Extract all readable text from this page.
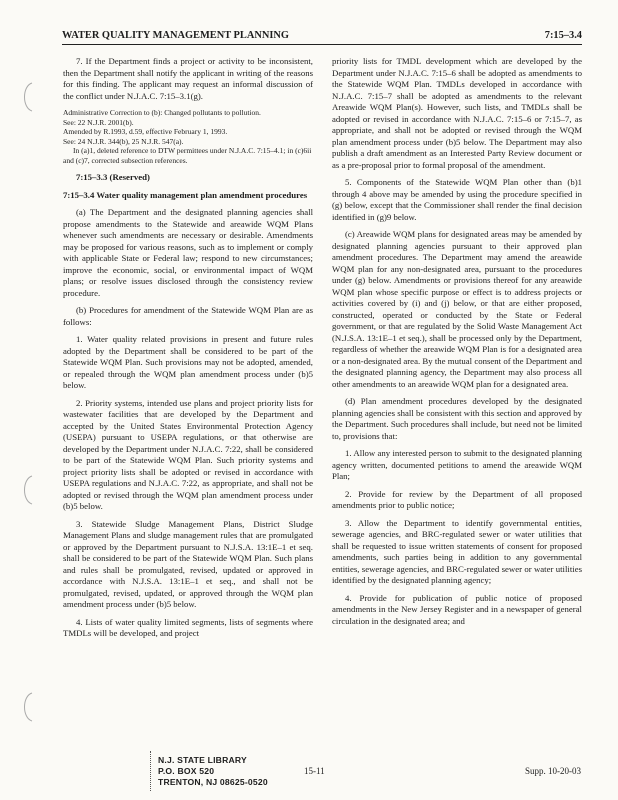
WATER QUALITY MANAGEMENT PLANNING	7:15–3.4

7. If the Department finds a project or activity to be inconsistent, then the Department shall notify the applicant in writing of the reasons for this finding. The applicant may request an informal discussion of the conflict under N.J.A.C. 7:15–3.1(g).

Administrative Correction to (b): Changed pollutants to pollution.
See: 22 N.J.R. 2001(b).
Amended by R.1993, d.59, effective February 1, 1993.
See: 24 N.J.R. 344(b), 25 N.J.R. 547(a).
In (a)1, deleted reference to DTW permittees under N.J.A.C. 7:15–4.1; in (c)6ii and (c)7, corrected subsection references.

7:15–3.3 (Reserved)

7:15–3.4 Water quality management plan amendment procedures

(a) The Department and the designated planning agencies shall propose amendments to the Statewide and areawide WQM Plans whenever such amendments are necessary or desirable. Amendments may be proposed for various reasons, such as to implement or comply with applicable State or Federal law; respond to new circumstances; improve the economic, social, or environmental impact of WQM plans; or resolve issues disclosed through the consistency review procedure.

(b) Procedures for amendment of the Statewide WQM Plan are as follows:

1. Water quality related provisions in present and future rules adopted by the Department shall be considered to be part of the Statewide WQM Plan. Such provisions may not be adopted, amended, or repealed through the WQM plan amendment process under (b)5 below.

2. Priority systems, intended use plans and project priority lists for wastewater facilities that are developed by the Department and accepted by the United States Environmental Protection Agency (USEPA) pursuant to USEPA regulations, or that otherwise are developed by the Department under N.J.A.C. 7:22, shall be considered to be part of the Statewide WQM Plan. Such priority systems and project priority lists shall be adopted or revised in accordance with USEPA regulations and N.J.A.C. 7:22, as appropriate, and shall not be adopted or revised through the WQM plan amendment process under (b)5 below.

3. Statewide Sludge Management Plans, District Sludge Management Plans and sludge management rules that are promulgated or approved by the Department pursuant to N.J.S.A. 13:1E–1 et seq. shall be considered to be part of the Statewide WQM Plan. Such plans and rules shall be promulgated, revised, updated or approved in accordance with N.J.S.A. 13:1E–1 et seq., and shall not be promulgated, revised, updated, or approved through the WQM plan amendment process under (b)5 below.

4. Lists of water quality limited segments, lists of segments where TMDLs will be developed, and project

priority lists for TMDL development which are developed by the Department under N.J.A.C. 7:15–6 shall be adopted as amendments to the Statewide WQM Plan. TMDLs developed in accordance with N.J.A.C. 7:15–7 shall be adopted as amendments to the relevant Areawide WQM Plan(s). However, such lists, and TMDLs shall be adopted or revised in accordance with N.J.A.C. 7:15–6 or 7:15–7, as appropriate, and shall not be adopted or revised through the WQM plan amendment process under (b)5 below. The Department may also publish a draft amendment as an Interested Party Review document or as a pre-proposal prior to formal proposal of the amendment.

5. Components of the Statewide WQM Plan other than (b)1 through 4 above may be amended by using the procedure specified in (g) below, except that the Commissioner shall render the final decision identified in (g)9 below.

(c) Areawide WQM plans for designated areas may be amended by designated planning agencies pursuant to their approved plan amendment procedures. The Department may amend the areawide WQM plan for any non-designated area, pursuant to the procedures under (g) below. Amendments or provisions thereof for any areawide WQM plan whose specific purpose or effect is to address projects or activities covered by (i) and (j) below, or that are either proposed, constructed, operated or conducted by the State or Federal government, or that are regulated by the Solid Waste Management Act (N.J.S.A. 13:1E–1 et seq.), shall be processed only by the Department, regardless of whether the areawide WQM Plan is for a designated area or a non-designated area. By the mutual consent of the Department and the designated planning agency, the Department may also process all other amendments to an areawide WQM plan for a designated area.

(d) Plan amendment procedures developed by the designated planning agencies shall be consistent with this section and approved by the Department. Such procedures shall include, but need not be limited to, provisions that:

1. Allow any interested person to submit to the designated planning agency written, documented petitions to amend the areawide WQM Plan;

2. Provide for review by the Department of all proposed amendments prior to public notice;

3. Allow the Department to identify governmental entities, sewerage agencies, and BRC-regulated sewer or water utilities that shall be requested to issue written statements of consent for proposed amendments, such parties being in addition to any governmental entities, sewerage agencies, and BRC-regulated sewer or water utilities identified by the designated planning agency;

4. Provide for publication of public notice of proposed amendments in the New Jersey Register and in a newspaper of general circulation in the designated area; and

N.J. STATE LIBRARY
P.O. BOX 520
TRENTON, NJ 08625-0520
15-11	Supp. 10-20-03
